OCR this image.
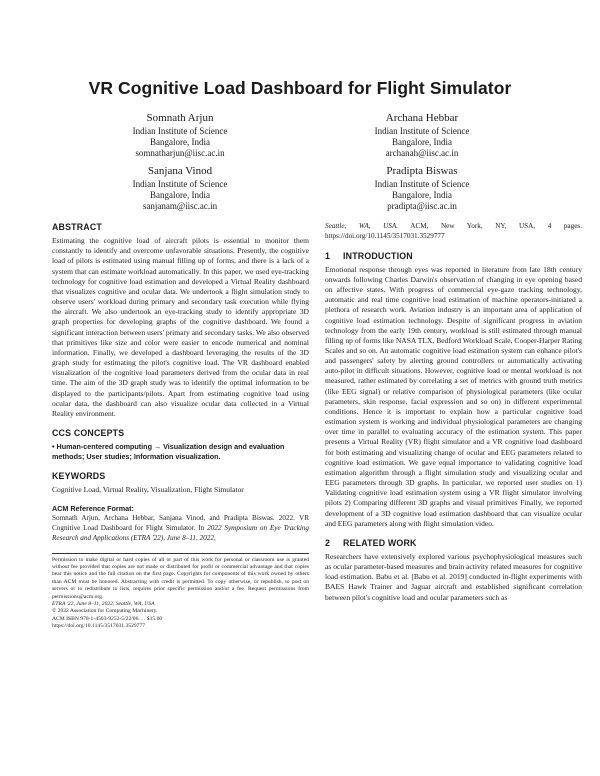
VR Cognitive Load Dashboard for Flight Simulator
Somnath Arjun
Indian Institute of Science
Bangalore, India
somnatharjun@iisc.ac.in
Archana Hebbar
Indian Institute of Science
Bangalore, India
archanah@iisc.ac.in
Sanjana Vinod
Indian Institute of Science
Bangalore, India
sanjanam@iisc.ac.in
Pradipta Biswas
Indian Institute of Science
Bangalore, India
pradipta@iisc.ac.in
ABSTRACT
Estimating the cognitive load of aircraft pilots is essential to monitor them constantly to identify and overcome unfavorable situations. Presently, the cognitive load of pilots is estimated using manual filling up of forms, and there is a lack of a system that can estimate workload automatically. In this paper, we used eye-tracking technology for cognitive load estimation and developed a Virtual Reality dashboard that visualizes cognitive and ocular data. We undertook a flight simulation study to observe users' workload during primary and secondary task execution while flying the aircraft. We also undertook an eye-tracking study to identify appropriate 3D graph properties for developing graphs of the cognitive dashboard. We found a significant interaction between users' primary and secondary tasks. We also observed that primitives like size and color were easier to encode numerical and nominal information. Finally, we developed a dashboard leveraging the results of the 3D graph study for estimating the pilot's cognitive load. The VR dashboard enabled visualization of the cognitive load parameters derived from the ocular data in real time. The aim of the 3D graph study was to identify the optimal information to be displayed to the participants/pilots. Apart from estimating cognitive load using ocular data, the dashboard can also visualize ocular data collected in a Virtual Reality environment.
CCS CONCEPTS
• Human-centered computing → Visualization design and evaluation methods; User studies; Information visualization.
KEYWORDS
Cognitive Load, Virtual Reality, Visualization, Flight Simulator
ACM Reference Format:
Somnath Arjun, Archana Hebbar, Sanjana Vinod, and Pradipta Biswas. 2022. VR Cognitive Load Dashboard for Flight Simulator. In 2022 Symposium on Eye Tracking Research and Applications (ETRA '22), June 8–11, 2022,
Permission to make digital or hard copies of all or part of this work for personal or classroom use is granted without fee provided that copies are not made or distributed for profit or commercial advantage and that copies bear this notice and the full citation on the first page. Copyrights for components of this work owned by others than ACM must be honored. Abstracting with credit is permitted. To copy otherwise, or republish, to post on servers or to redistribute to lists, requires prior specific permission and/or a fee. Request permissions from permissions@acm.org.
ETRA '22, June 8–11, 2022, Seattle, WA, USA
© 2022 Association for Computing Machinery.
ACM ISBN 978-1-4503-9252-5/22/06. . . $15.00
https://doi.org/10.1145/3517031.3529777
Seattle, WA, USA. ACM, New York, NY, USA, 4 pages. https://doi.org/10.1145/3517031.3529777
1 INTRODUCTION
Emotional response through eyes was reported in literature from late 18th century onwards following Charles Darwin's observation of changing in eye opening based on affective states. With progress of commercial eye-gaze tracking technology, automatic and real time cognitive load estimation of machine operators-initiated a plethora of research work. Aviation industry is an important area of application of cognitive load estimation technology. Despite of significant progress in aviation technology from the early 19th century, workload is still estimated through manual filling up of forms like NASA TLX, Bedford Workload Scale, Cooper-Harper Rating Scales and so on. An automatic cognitive load estimation system can enhance pilot's and passengers' safety by alerting ground controllers or automatically activating auto-pilot in difficult situations. However, cognitive load or mental workload is not measured, rather estimated by correlating a set of metrics with ground truth metrics (like EEG signal) or relative comparison of physiological parameters (like ocular parameters, skin response, facial expression and so on) in different experimental conditions. Hence it is important to explain how a particular cognitive load estimation system is working and individual physiological parameters are changing over time in parallel to evaluating accuracy of the estimation system. This paper presents a Virtual Reality (VR) flight simulator and a VR cognitive load dashboard for both estimating and visualizing change of ocular and EEG parameters related to cognitive load estimation. We gave equal importance to validating cognitive load estimation algorithm through a flight simulation study and visualizing ocular and EEG parameters through 3D graphs. In particular, we reported user studies on 1) Validating cognitive load estimation system using a VR flight simulator involving pilots 2) Comparing different 3D graphs and visual primitives Finally, we reported development of a 3D cognitive load estimation dashboard that can visualize ocular and EEG parameters along with flight simulation video.
2 RELATED WORK
Researchers have extensively explored various psychophysiological measures such as ocular parameter-based measures and brain activity related measures for cognitive load estimation. Babu et al. [Babu et al. 2019] conducted in-flight experiments with BAES Hawk Trainer and Jaguar aircraft and established significant correlation between pilot's cognitive load and ocular parameters such as
